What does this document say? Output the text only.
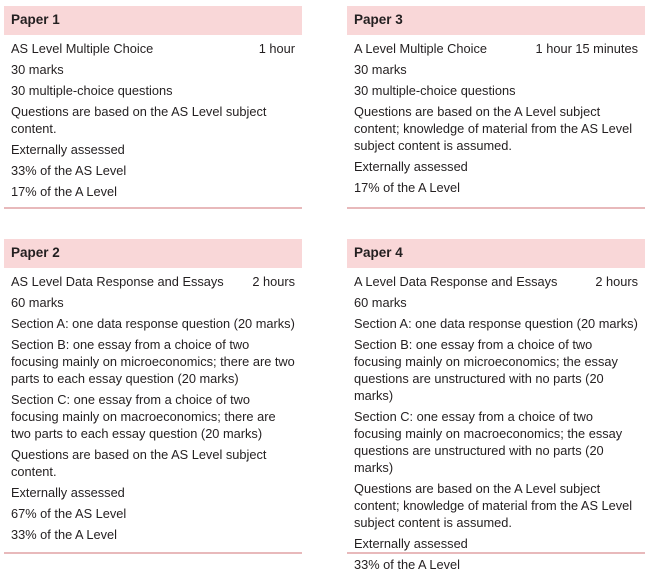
Paper 1
AS Level Multiple Choice	1 hour
30 marks
30 multiple-choice questions
Questions are based on the AS Level subject content.
Externally assessed
33% of the AS Level
17% of the A Level
Paper 3
A Level Multiple Choice	1 hour 15 minutes
30 marks
30 multiple-choice questions
Questions are based on the A Level subject content; knowledge of material from the AS Level subject content is assumed.
Externally assessed
17% of the A Level
Paper 2
AS Level Data Response and Essays 2 hours
60 marks
Section A: one data response question (20 marks)
Section B: one essay from a choice of two focusing mainly on microeconomics; there are two parts to each essay question (20 marks)
Section C: one essay from a choice of two focusing mainly on macroeconomics; there are two parts to each essay question (20 marks)
Questions are based on the AS Level subject content.
Externally assessed
67% of the AS Level
33% of the A Level
Paper 4
A Level Data Response and Essays	2 hours
60 marks
Section A: one data response question (20 marks)
Section B: one essay from a choice of two focusing mainly on microeconomics; the essay questions are unstructured with no parts (20 marks)
Section C: one essay from a choice of two focusing mainly on macroeconomics; the essay questions are unstructured with no parts (20 marks)
Questions are based on the A Level subject content; knowledge of material from the AS Level subject content is assumed.
Externally assessed
33% of the A Level
